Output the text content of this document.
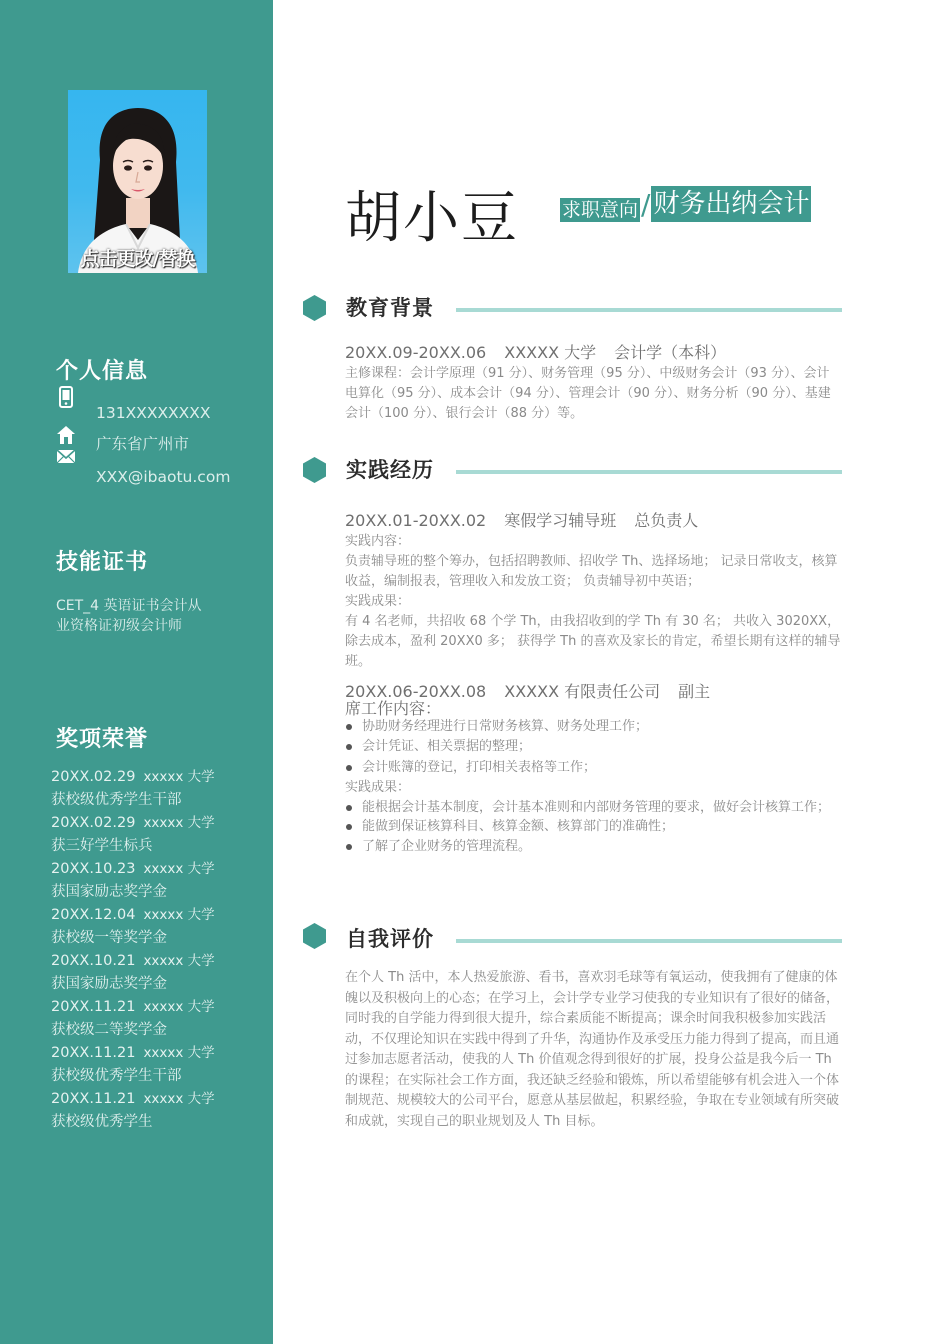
点击更改/替换
个人信息
131XXXXXXXX
广东省广州市
XXX@ibaotu.com
技能证书
CET_4 英语证书会计从业资格证初级会计师
奖项荣誉
20XX.02.29 xxxxx 大学
获校级优秀学生干部
20XX.02.29 xxxxx 大学
获三好学生标兵
20XX.10.23 xxxxx 大学
获国家励志奖学金
20XX.12.04 xxxxx 大学
获校级一等奖学金
20XX.10.21 xxxxx 大学
获国家励志奖学金
20XX.11.21 xxxxx 大学
获校级二等奖学金
20XX.11.21 xxxxx 大学
获校级优秀学生干部
20XX.11.21 xxxxx 大学
获校级优秀学生
胡小豆 求职意向 / 财务出纳会计
教育背景
20XX.09-20XX.06 XXXXX 大学 会计学（本科）
主修课程：会计学原理（91 分）、财务管理（95 分）、中级财务会计（93 分）、会计电算化（95 分）、成本会计（94 分）、管理会计（90 分）、财务分析（90 分）、基建会计（100 分）、银行会计（88 分）等。
实践经历
20XX.01-20XX.02 寒假学习辅导班 总负责人
实践内容：
负责辅导班的整个筹办，包括招聘教师、招收学 Th、选择场地； 记录日常收支，核算收益，编制报表，管理收入和发放工资； 负责辅导初中英语；
实践成果：
有 4 名老师，共招收 68 个学 Th，由我招收到的学 Th 有 30 名； 共收入 3020XX，除去成本，盈利 20XX0 多； 获得学 Th 的喜欢及家长的肯定，希望长期有这样的辅导班。
20XX.06-20XX.08 XXXXX 有限责任公司 副主
席工作内容：
协助财务经理进行日常财务核算、财务处理工作；
会计凭证、相关票据的整理；
会计账簿的登记，打印相关表格等工作；
实践成果：
能根据会计基本制度，会计基本准则和内部财务管理的要求，做好会计核算工作；
能做到保证核算科目、核算金额、核算部门的准确性；
了解了企业财务的管理流程。
自我评价
在个人 Th 活中，本人热爱旅游、看书，喜欢羽毛球等有氧运动，使我拥有了健康的体魄以及积极向上的心态；在学习上，会计学专业学习使我的专业知识有了很好的储备，同时我的自学能力得到很大提升，综合素质能不断提高；课余时间我积极参加实践活动，不仅理论知识在实践中得到了升华，沟通协作及承受压力能力得到了提高，而且通过参加志愿者活动，使我的人 Th 价值观念得到很好的扩展，投身公益是我今后一 Th 的课程；在实际社会工作方面，我还缺乏经验和锻炼，所以希望能够有机会进入一个体制规范、规模较大的公司平台，愿意从基层做起，积累经验，争取在专业领域有所突破和成就，实现自己的职业规划及人 Th 目标。
